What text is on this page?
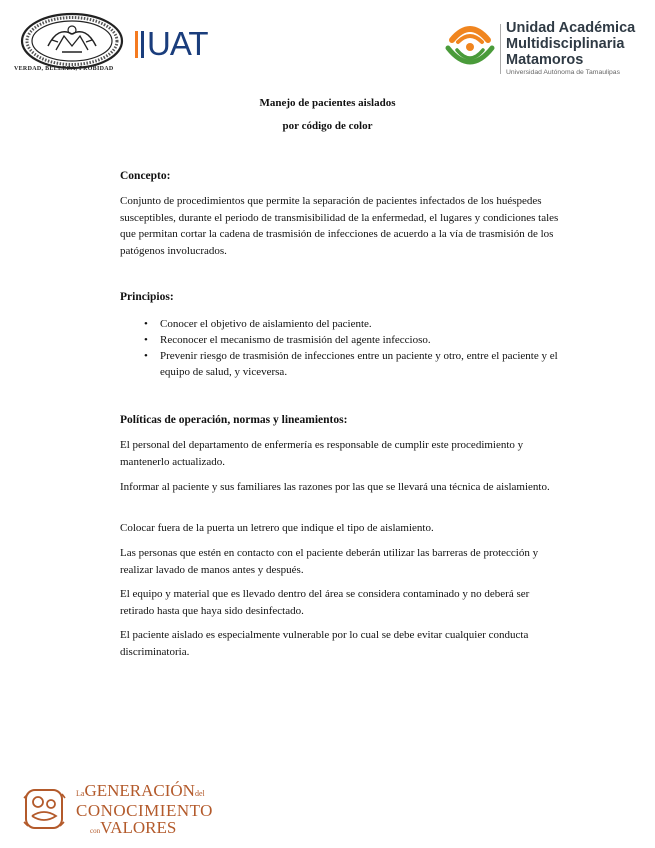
VERDAD, BELLEZA, PROBIDAD
UAT	Unidad Académica
Multidisciplinaria
Matamoros
Universidad Autónoma de Tamaulipas
Manejo de pacientes aislados
por código de color
Concepto:

Conjunto de procedimientos que permite la separación de pacientes infectados de los huéspedes susceptibles, durante el periodo de transmisibilidad de la enfermedad, el lugares y condiciones tales que permitan cortar la cadena de trasmisión de infecciones de acuerdo a la vía de trasmisión de los patógenos involucrados.

Principios:
• Conocer el objetivo de aislamiento del paciente.
• Reconocer el mecanismo de trasmisión del agente infeccioso.
• Prevenir riesgo de trasmisión de infecciones entre un paciente y otro, entre el paciente y el equipo de salud, y viceversa.
Políticas de operación, normas y lineamientos:

El personal del departamento de enfermería es responsable de cumplir este procedimiento y mantenerlo actualizado.

Informar al paciente y sus familiares las razones por las que se llevará una técnica de aislamiento.

Colocar fuera de la puerta un letrero que indique el tipo de aislamiento.

Las personas que estén en contacto con el paciente deberán utilizar las barreras de protección y realizar lavado de manos antes y después.

El equipo y material que es llevado dentro del área se considera contaminado y no deberá ser retirado hasta que haya sido desinfectado.

El paciente aislado es especialmente vulnerable por lo cual se debe evitar cualquier conducta discriminatoria.

LaGENERACIÓNdel
CONOCIMIENTO
conVALORES
